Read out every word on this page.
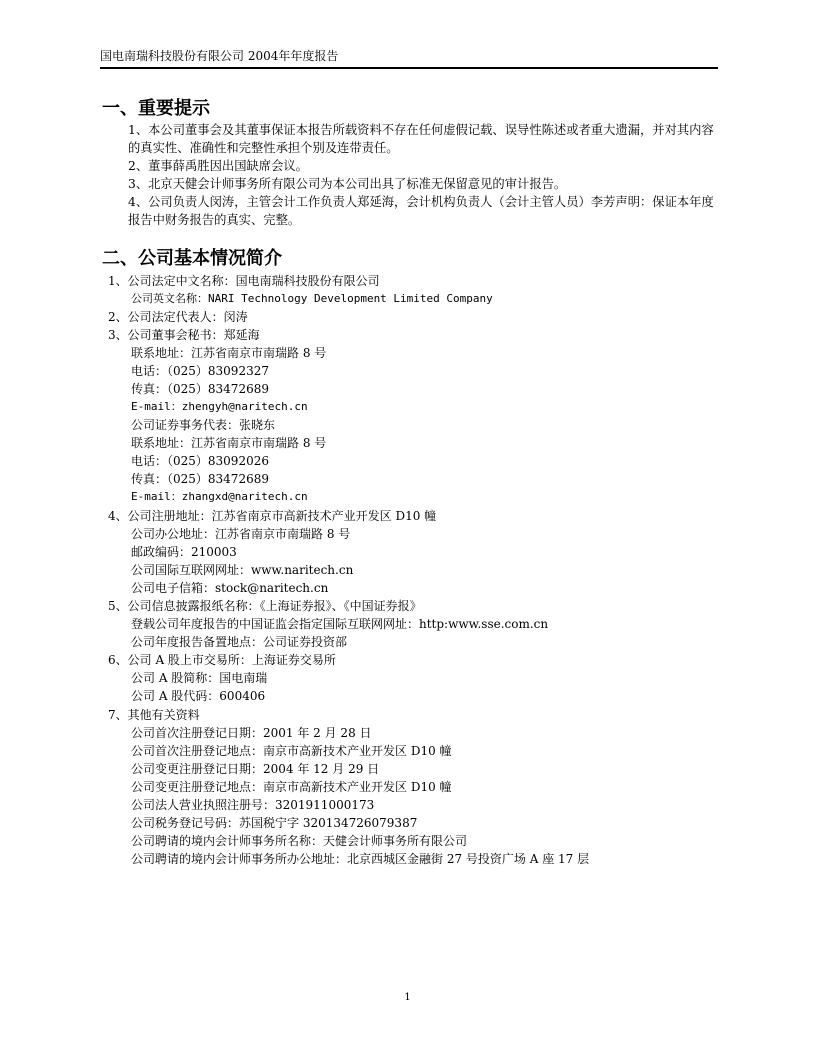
国电南瑞科技股份有限公司 2004年年度报告
一、重要提示
1、本公司董事会及其董事保证本报告所载资料不存在任何虚假记载、误导性陈述或者重大遗漏，并对其内容的真实性、准确性和完整性承担个别及连带责任。
2、董事薛禹胜因出国缺席会议。
3、北京天健会计师事务所有限公司为本公司出具了标准无保留意见的审计报告。
4、公司负责人闵涛，主管会计工作负责人郑延海，会计机构负责人（会计主管人员）李芳声明：保证本年度报告中财务报告的真实、完整。
二、公司基本情况简介
1、公司法定中文名称：国电南瑞科技股份有限公司
公司英文名称：NARI Technology Development Limited Company
2、公司法定代表人：闵涛
3、公司董事会秘书：郑延海
联系地址：江苏省南京市南瑞路 8 号
电话：（025）83092327
传真：（025）83472689
E-mail：zhengyh@naritech.cn
公司证券事务代表：张晓东
联系地址：江苏省南京市南瑞路 8 号
电话：（025）83092026
传真：（025）83472689
E-mail：zhangxd@naritech.cn
4、公司注册地址：江苏省南京市高新技术产业开发区 D10 幢
公司办公地址：江苏省南京市南瑞路 8 号
邮政编码：210003
公司国际互联网网址：www.naritech.cn
公司电子信箱：stock@naritech.cn
5、公司信息披露报纸名称：《上海证券报》、《中国证券报》
登载公司年度报告的中国证监会指定国际互联网网址：http:www.sse.com.cn
公司年度报告备置地点：公司证券投资部
6、公司 A 股上市交易所：上海证券交易所
公司 A 股简称：国电南瑞
公司 A 股代码：600406
7、其他有关资料
公司首次注册登记日期：2001 年 2 月 28 日
公司首次注册登记地点：南京市高新技术产业开发区 D10 幢
公司变更注册登记日期：2004 年 12 月 29 日
公司变更注册登记地点：南京市高新技术产业开发区 D10 幢
公司法人营业执照注册号：3201911000173
公司税务登记号码：苏国税宁字 320134726079387
公司聘请的境内会计师事务所名称：天健会计师事务所有限公司
公司聘请的境内会计师事务所办公地址：北京西城区金融街 27 号投资广场 A 座 17 层
1
